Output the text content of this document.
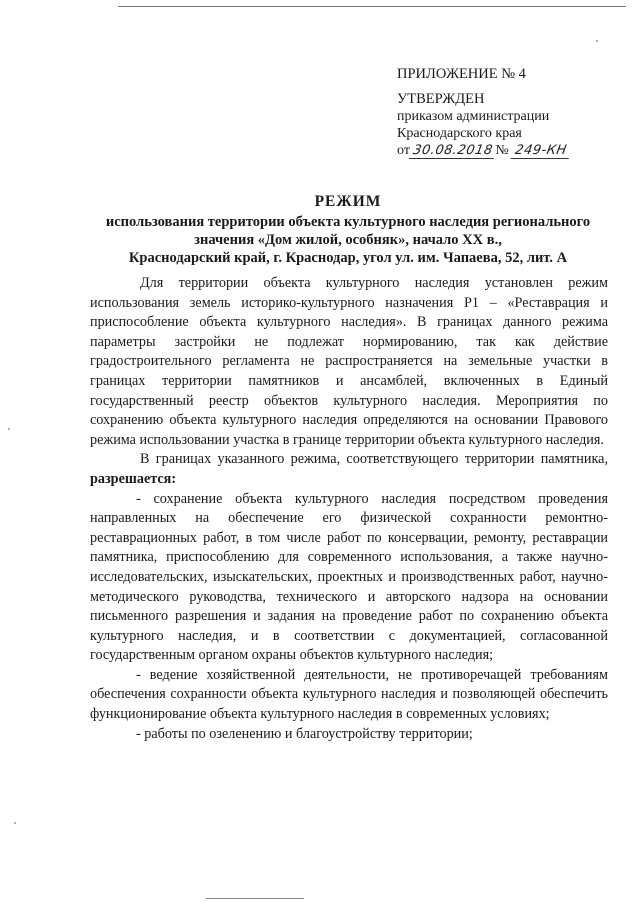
ПРИЛОЖЕНИЕ № 4

УТВЕРЖДЕН

приказом администрации

Краснодарского края

от 30.08.2018 № 249-КН

РЕЖИМ

использования территории объекта культурного наследия регионального

значения «Дом жилой, особняк», начало XX в.,

Краснодарский край, г. Краснодар, угол ул. им. Чапаева, 52, лит. А

Для территории объекта культурного наследия установлен режим использования земель историко-культурного назначения Р1 – «Реставрация и приспособление объекта культурного наследия». В границах данного режима параметры застройки не подлежат нормированию, так как действие градостроительного регламента не распространяется на земельные участки в границах территории памятников и ансамблей, включенных в Единый государственный реестр объектов культурного наследия. Мероприятия по сохранению объекта культурного наследия определяются на основании Правового режима использовании участка в границе территории объекта культурного наследия.

В границах указанного режима, соответствующего территории памятника, разрешается:

- сохранение объекта культурного наследия посредством проведения направленных на обеспечение его физической сохранности ремонтно-реставрационных работ, в том числе работ по консервации, ремонту, реставрации памятника, приспособлению для современного использования, а также научно-исследовательских, изыскательских, проектных и производственных работ, научно-методического руководства, технического и авторского надзора на основании письменного разрешения и задания на проведение работ по сохранению объекта культурного наследия, и в соответствии с документацией, согласованной государственным органом охраны объектов культурного наследия;

- ведение хозяйственной деятельности, не противоречащей требованиям обеспечения сохранности объекта культурного наследия и позволяющей обеспечить функционирование объекта культурного наследия в современных условиях;

- работы по озеленению и благоустройству территории;
